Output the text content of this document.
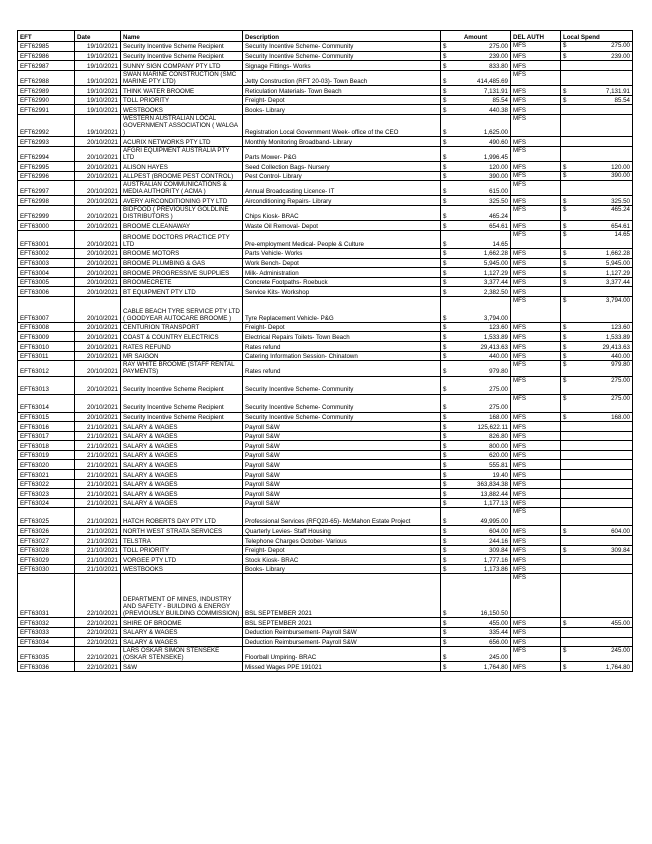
EFT	Date	Name	Description	Amount	DEL AUTH	Local Spend
EFT62985	19/10/2021	Security Incentive Scheme Recipient	Security Incentive Scheme- Community	$ 275.00	MFS	$ 275.00

EFT62986	19/10/2021	Security Incentive Scheme Recipient	Security Incentive Scheme- Community	$ 239.00	MFS	$ 239.00

EFT62987	19/10/2021	SUNNY SIGN COMPANY PTY LTD	Signage Fittings- Works	$ 833.80	MFS	

EFT62988	19/10/2021	SWAN MARINE CONSTRUCTION (SMC MARINE PTY LTD)	Jetty Construction (RFT 20-03)- Town Beach	$ 414,485.69	MFS	

EFT62989	19/10/2021	THINK WATER BROOME	Reticulation Materials- Town Beach	$ 7,131.91	MFS	$ 7,131.91

EFT62990	19/10/2021	TOLL PRIORITY	Freight- Depot	$ 85.54	MFS	$ 85.54

EFT62991	19/10/2021	WESTBOOKS	Books- Library	$ 440.38	MFS	

EFT62992	19/10/2021	WESTERN AUSTRALIAN LOCAL GOVERNMENT ASSOCIATION ( WALGA )	Registration Local Government Week- office of the CEO	$ 1,625.00	MFS	

EFT62993	20/10/2021	ACURIX NETWORKS PTY LTD	Monthly Monitoring Broadband- Library	$ 490.60	MFS	

EFT62994	20/10/2021	AFGRI EQUIPMENT AUSTRALIA PTY LTD	Parts Mower- P&G	$ 1,996.45	MFS	

EFT62995	20/10/2021	ALISON HAYES	Seed Collection Bags- Nursery	$ 120.00	MFS	$ 120.00

EFT62996	20/10/2021	ALLPEST (BROOME PEST CONTROL)	Pest Control- Library	$ 390.00	MFS	$ 390.00

EFT62997	20/10/2021	AUSTRALIAN COMMUNICATIONS & MEDIA AUTHORITY ( ACMA )	Annual Broadcasting Licence- IT	$ 615.00	MFS	

EFT62998	20/10/2021	AVERY AIRCONDITIONING PTY LTD	Airconditioning Repairs- Library	$ 325.50	MFS	$ 325.50

EFT62999	20/10/2021	BIDFOOD ( PREVIOUSLY GOLDLINE DISTRIBUTORS )	Chips Kiosk- BRAC	$ 465.24	MFS	$ 465.24

EFT63000	20/10/2021	BROOME CLEANAWAY	Waste Oil Removal- Depot	$ 654.61	MFS	$ 654.61

EFT63001	20/10/2021	BROOME DOCTORS PRACTICE PTY LTD	Pre-employment Medical- People & Culture	$ 14.65	MFS	$ 14.65

EFT63002	20/10/2021	BROOME MOTORS	Parts Vehicle- Works	$ 1,662.28	MFS	$ 1,662.28

EFT63003	20/10/2021	BROOME PLUMBING & GAS	Work Bench- Depot	$ 5,945.00	MFS	$ 5,945.00

EFT63004	20/10/2021	BROOME PROGRESSIVE SUPPLIES	Milk- Administration	$ 1,127.29	MFS	$ 1,127.29

EFT63005	20/10/2021	BROOMECRETE	Concrete Footpaths- Roebuck	$ 3,377.44	MFS	$ 3,377.44

EFT63006	20/10/2021	BT EQUIPMENT PTY LTD	Service Kits- Workshop	$ 2,382.50	MFS	

EFT63007	20/10/2021	CABLE BEACH TYRE SERVICE PTY LTD ( GOODYEAR AUTOCARE BROOME )	Tyre Replacement Vehicle- P&G	$ 3,794.00	MFS	$ 3,794.00

EFT63008	20/10/2021	CENTURION TRANSPORT	Freight- Depot	$ 123.60	MFS	$ 123.60

EFT63009	20/10/2021	COAST & COUNTRY ELECTRICS	Electrical Repairs Toilets- Town Beach	$ 1,533.89	MFS	$ 1,533.89

EFT63010	20/10/2021	RATES REFUND	Rates refund	$ 29,413.63	MFS	$ 29,413.63

EFT63011	20/10/2021	MR SAIGON	Catering Information Session- Chinatown	$ 440.00	MFS	$ 440.00

EFT63012	20/10/2021	RAY WHITE BROOME (STAFF RENTAL PAYMENTS)	Rates refund	$ 979.80	MFS	$ 979.80

EFT63013	20/10/2021	Security Incentive Scheme Recipient	Security Incentive Scheme- Community	$ 275.00	MFS	$ 275.00

EFT63014	20/10/2021	Security Incentive Scheme Recipient	Security Incentive Scheme- Community	$ 275.00	MFS	$ 275.00

EFT63015	20/10/2021	Security Incentive Scheme Recipient	Security Incentive Scheme- Community	$ 168.00	MFS	$ 168.00

EFT63016	21/10/2021	SALARY & WAGES	Payroll S&W	$ 125,622.11	MFS	

EFT63017	21/10/2021	SALARY & WAGES	Payroll S&W	$ 826.80	MFS	

EFT63018	21/10/2021	SALARY & WAGES	Payroll S&W	$ 800.00	MFS	

EFT63019	21/10/2021	SALARY & WAGES	Payroll S&W	$ 620.00	MFS	

EFT63020	21/10/2021	SALARY & WAGES	Payroll S&W	$ 555.81	MFS	

EFT63021	21/10/2021	SALARY & WAGES	Payroll S&W	$ 19.40	MFS	

EFT63022	21/10/2021	SALARY & WAGES	Payroll S&W	$ 363,834.38	MFS	

EFT63023	21/10/2021	SALARY & WAGES	Payroll S&W	$ 13,882.44	MFS	

EFT63024	21/10/2021	SALARY & WAGES	Payroll S&W	$ 1,177.13	MFS	

EFT63025	21/10/2021	HATCH ROBERTS DAY PTY LTD	Professional Services (RFQ20-65)- McMahon Estate Project	$ 49,995.00	MFS	

EFT63026	21/10/2021	NORTH WEST STRATA SERVICES	Quarterly Levies- Staff Housing	$ 604.00	MFS	$ 604.00

EFT63027	21/10/2021	TELSTRA	Telephone Charges October- Various	$ 244.16	MFS	

EFT63028	21/10/2021	TOLL PRIORITY	Freight- Depot	$ 309.84	MFS	$ 309.84

EFT63029	21/10/2021	VORGEE PTY LTD	Stock Kiosk- BRAC	$ 1,777.16	MFS	

EFT63030	21/10/2021	WESTBOOKS	Books- Library	$ 1,173.86	MFS	

EFT63031	22/10/2021	DEPARTMENT OF MINES, INDUSTRY AND SAFETY - BUILDING & ENERGY (PREVIOUSLY BUILDING COMMISSION)	BSL SEPTEMBER 2021	$ 16,150.50	MFS	

EFT63032	22/10/2021	SHIRE OF BROOME	BSL SEPTEMBER 2021	$ 455.00	MFS	$ 455.00

EFT63033	22/10/2021	SALARY & WAGES	Deduction Reimbursement- Payroll S&W	$ 335.44	MFS	

EFT63034	22/10/2021	SALARY & WAGES	Deduction Reimbursement- Payroll S&W	$ 656.00	MFS	

EFT63035	22/10/2021	LARS OSKAR SIMON STENSEKE (OSKAR STENSEKE)	Floorball Umpiring- BRAC	$ 245.00	MFS	$ 245.00

EFT63036	22/10/2021	S&W	Missed Wages PPE 191021	$ 1,764.80	MFS	$ 1,764.80
